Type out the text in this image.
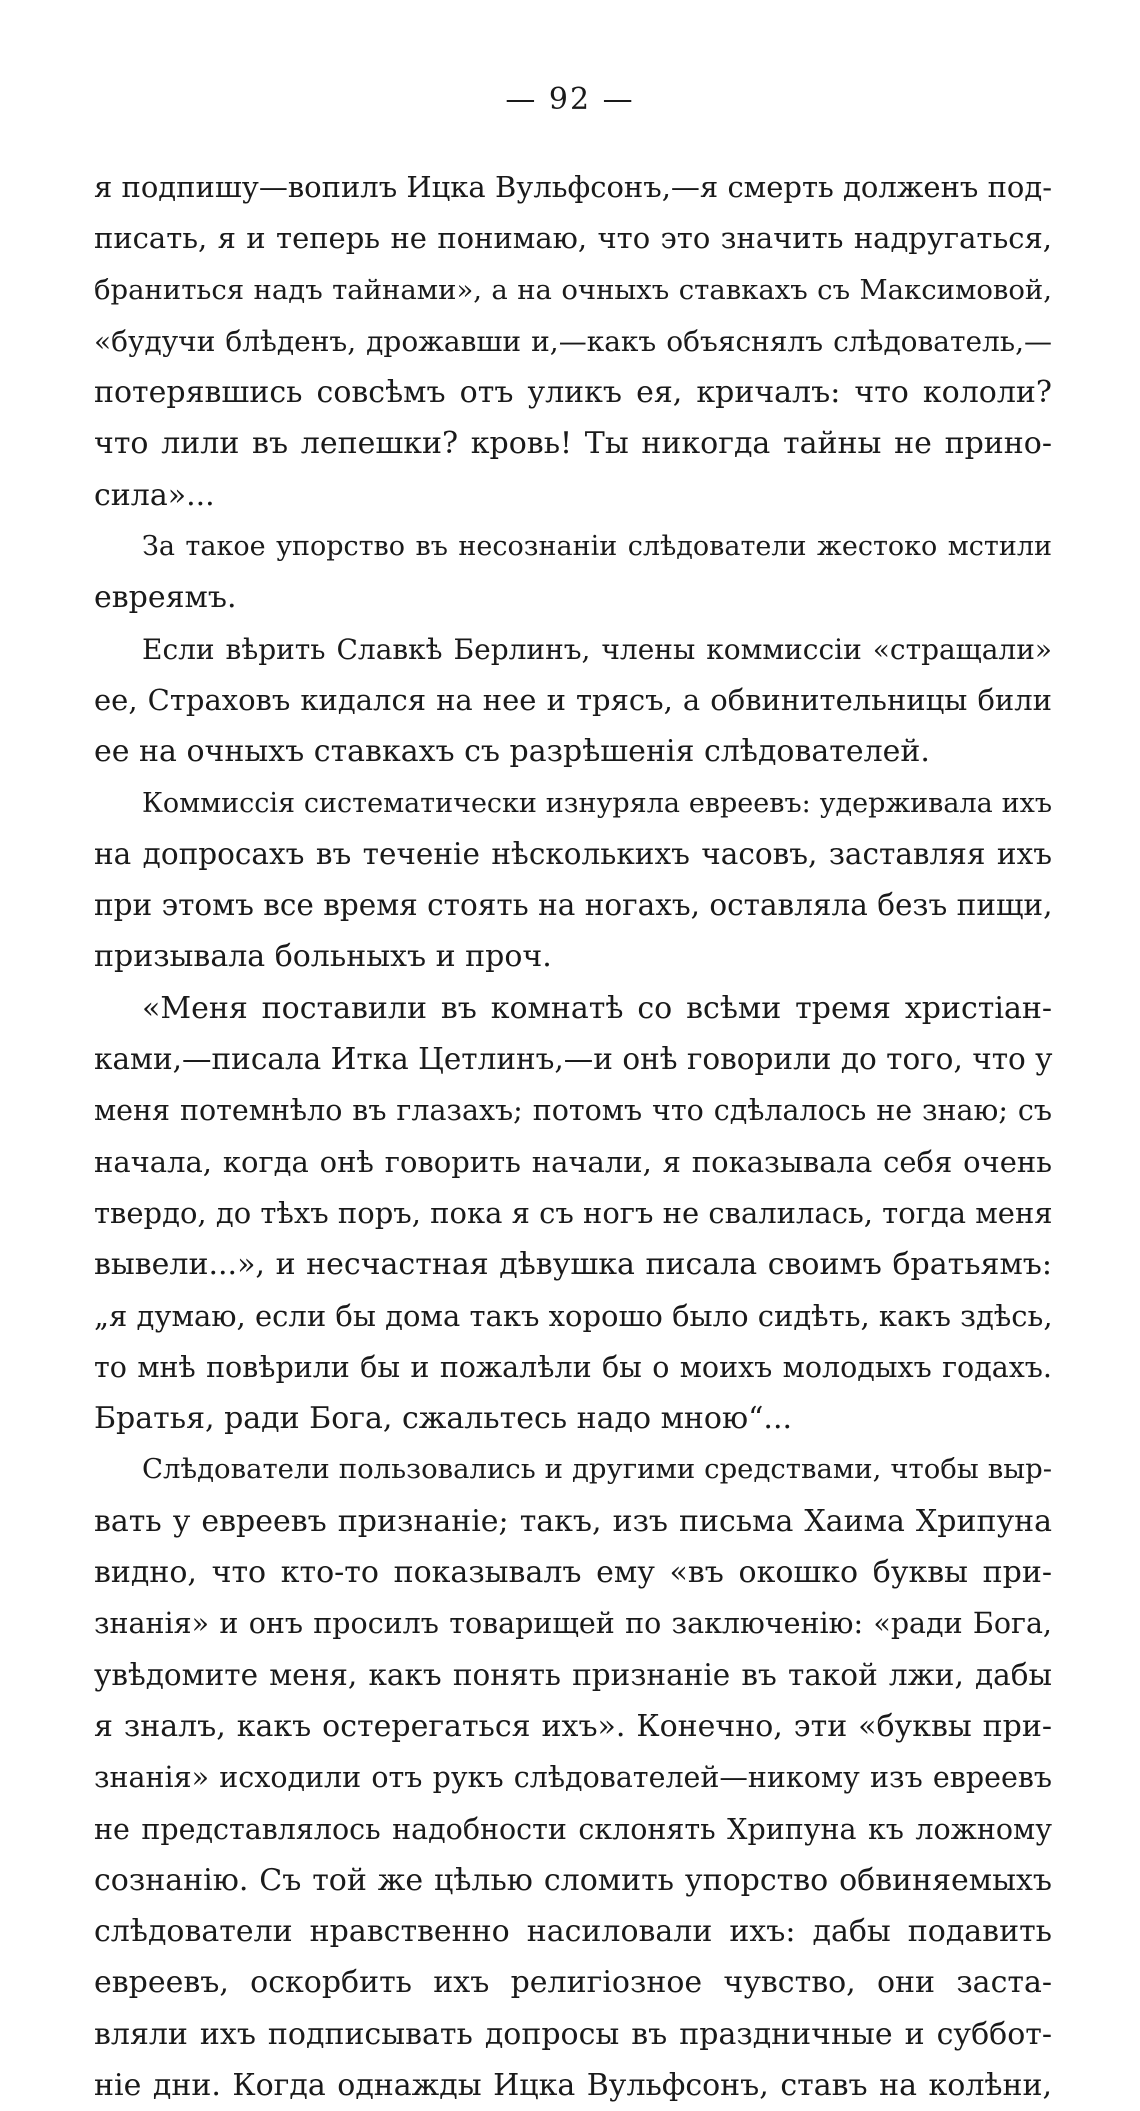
— 92 —
я подпишу—вопилъ Ицка Вульфсонъ,—я смерть долженъ под-
писать, я и теперь не понимаю, что это значить надругаться,
браниться надъ тайнами», а на очныхъ ставкахъ съ Максимовой,
«будучи блѣденъ, дрожавши и,—какъ объяснялъ слѣдователь,—
потерявшись совсѣмъ отъ уликъ ея, кричалъ: что кололи?
что лили въ лепешки? кровь! Ты никогда тайны не прино-
сила»...
За такое упорство въ несознаніи слѣдователи жестоко мстили
евреямъ.
Если вѣрить Славкѣ Берлинъ, члены коммиссіи «стращали»
ее, Страховъ кидался на нее и трясъ, а обвинительницы били
ее на очныхъ ставкахъ съ разрѣшенія слѣдователей.
Коммиссія систематически изнуряла евреевъ: удерживала ихъ
на допросахъ въ теченіе нѣсколькихъ часовъ, заставляя ихъ
при этомъ все время стоять на ногахъ, оставляла безъ пищи,
призывала больныхъ и проч.
«Меня поставили въ комнатѣ со всѣми тремя христіан-
ками,—писала Итка Цетлинъ,—и онѣ говорили до того, что у
меня потемнѣло въ глазахъ; потомъ что сдѣлалось не знаю; съ
начала, когда онѣ говорить начали, я показывала себя очень
твердо, до тѣхъ поръ, пока я съ ногъ не свалилась, тогда меня
вывели...», и несчастная дѣвушка писала своимъ братьямъ:
„я думаю, если бы дома такъ хорошо было сидѣть, какъ здѣсь,
то мнѣ повѣрили бы и пожалѣли бы о моихъ молодыхъ годахъ.
Братья, ради Бога, сжальтесь надо мною“...
Слѣдователи пользовались и другими средствами, чтобы выр-
вать у евреевъ признаніе; такъ, изъ письма Хаима Хрипуна
видно, что кто-то показывалъ ему «въ окошко буквы при-
знанія» и онъ просилъ товарищей по заключенію: «ради Бога,
увѣдомите меня, какъ понять признаніе въ такой лжи, дабы
я зналъ, какъ остерегаться ихъ». Конечно, эти «буквы при-
знанія» исходили отъ рукъ слѣдователей—никому изъ евреевъ
не представлялось надобности склонять Хрипуна къ ложному
сознанію. Съ той же цѣлью сломить упорство обвиняемыхъ
слѣдователи нравственно насиловали ихъ: дабы подавить
евреевъ, оскорбить ихъ религіозное чувство, они заста-
вляли ихъ подписывать допросы въ праздничные и суббот-
ніе дни. Когда однажды Ицка Вульфсонъ, ставъ на колѣни,
